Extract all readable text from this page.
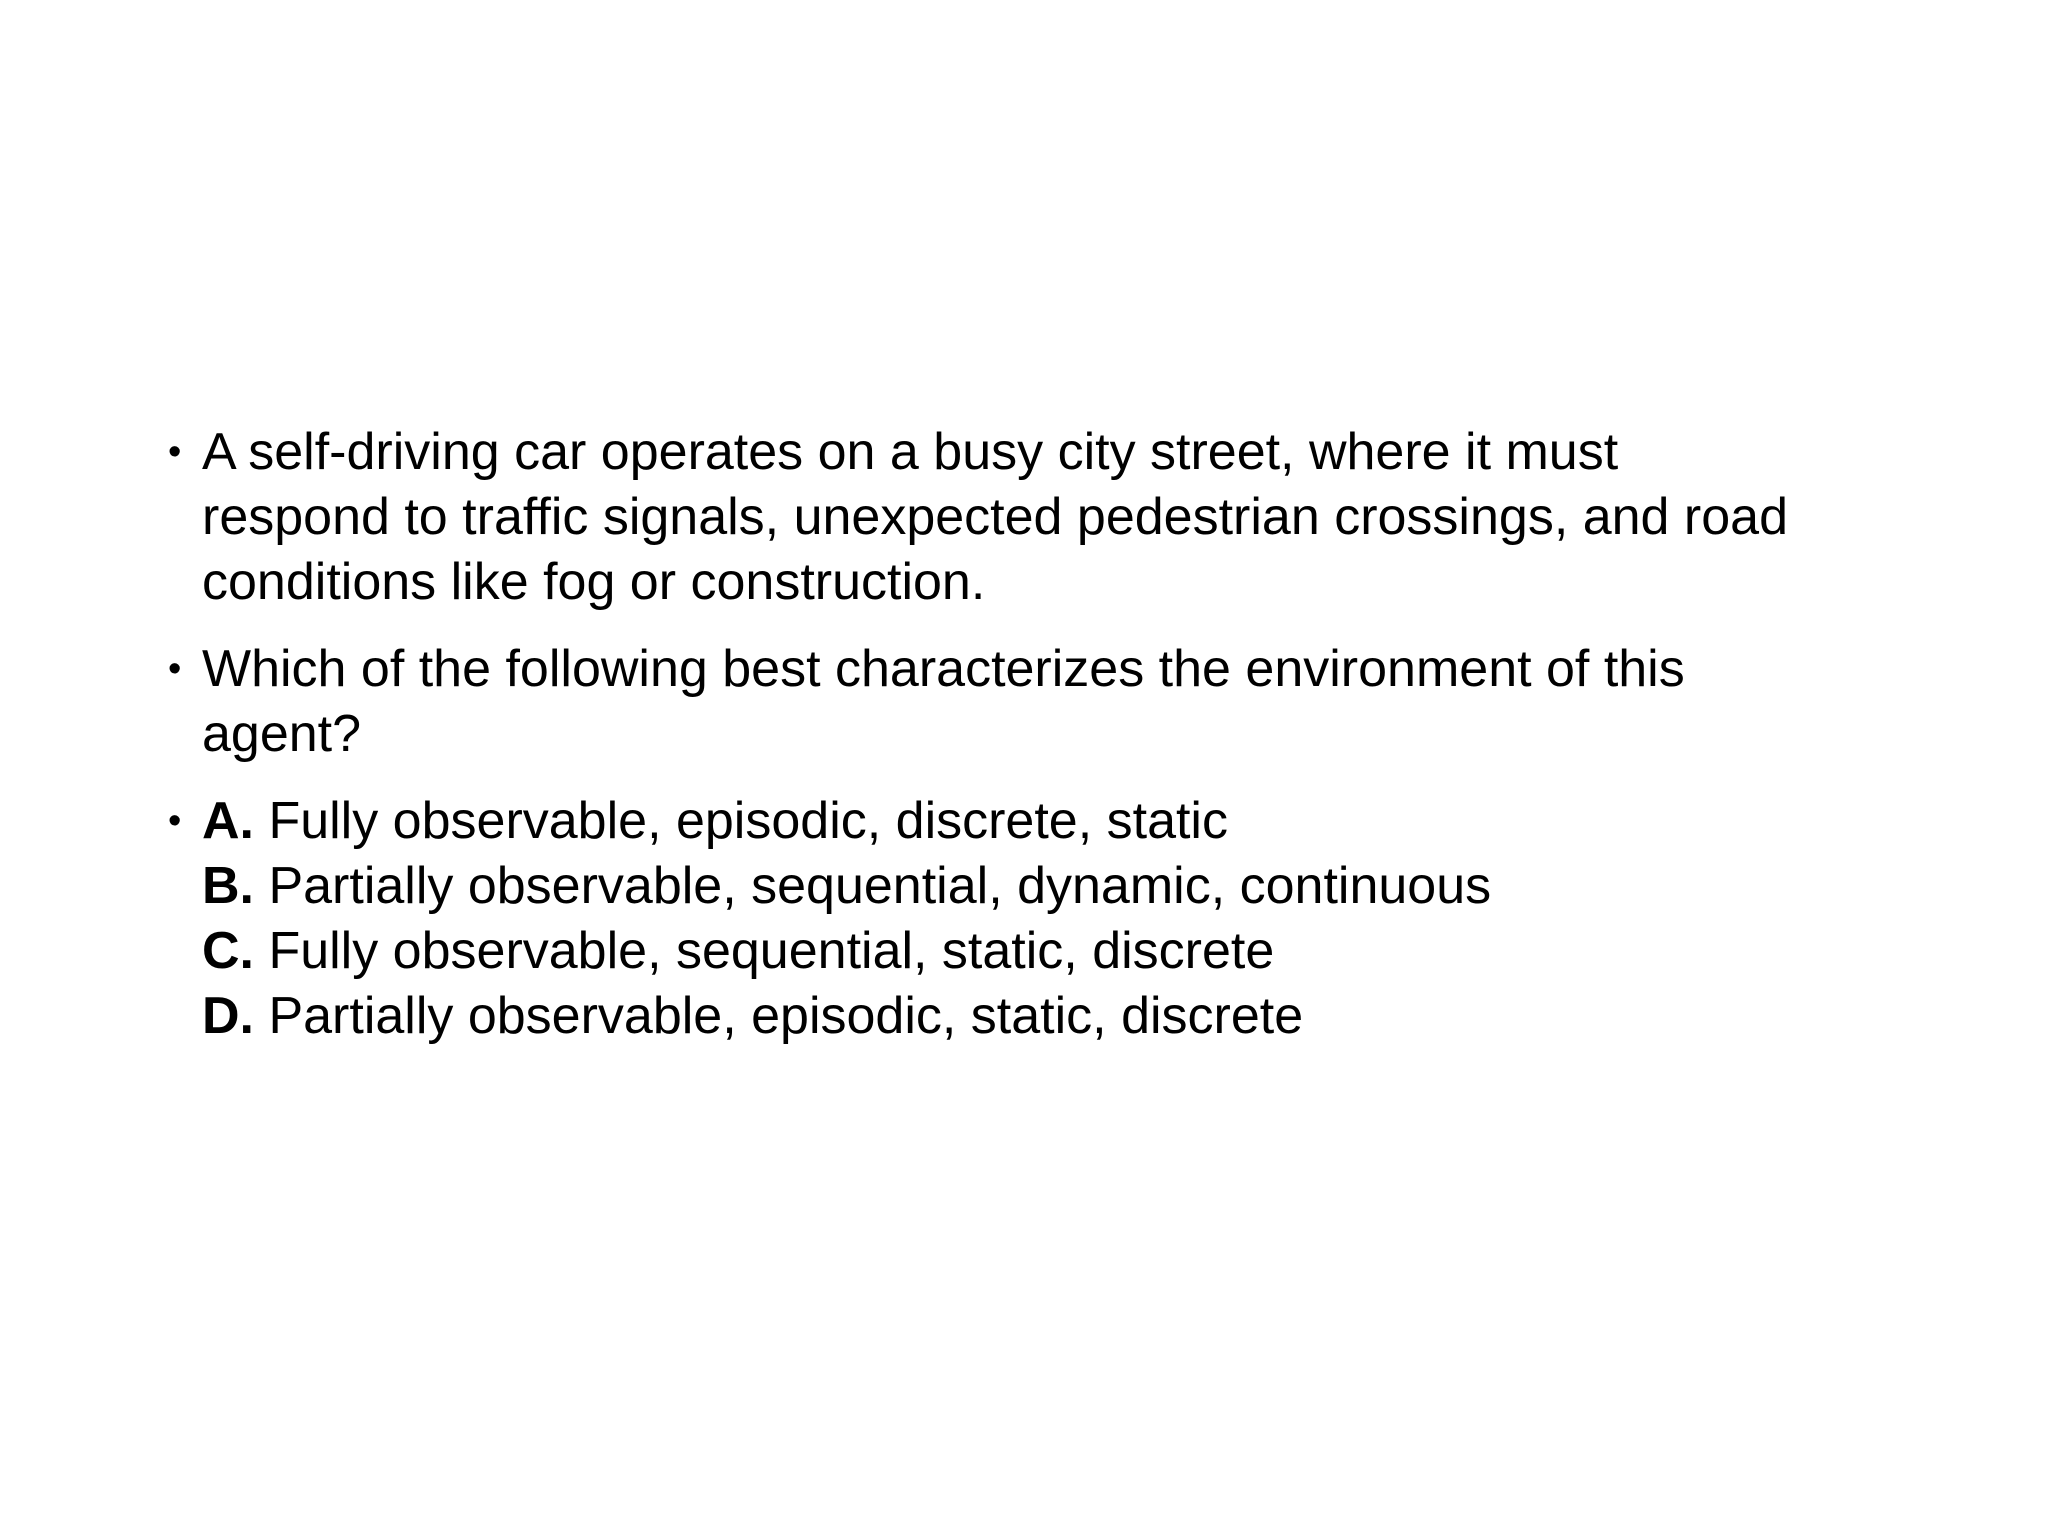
• A self-driving car operates on a busy city street, where it must
respond to traffic signals, unexpected pedestrian crossings, and road
conditions like fog or construction.
• Which of the following best characterizes the environment of this
agent?
• A. Fully observable, episodic, discrete, static
B. Partially observable, sequential, dynamic, continuous
C. Fully observable, sequential, static, discrete
D. Partially observable, episodic, static, discrete
